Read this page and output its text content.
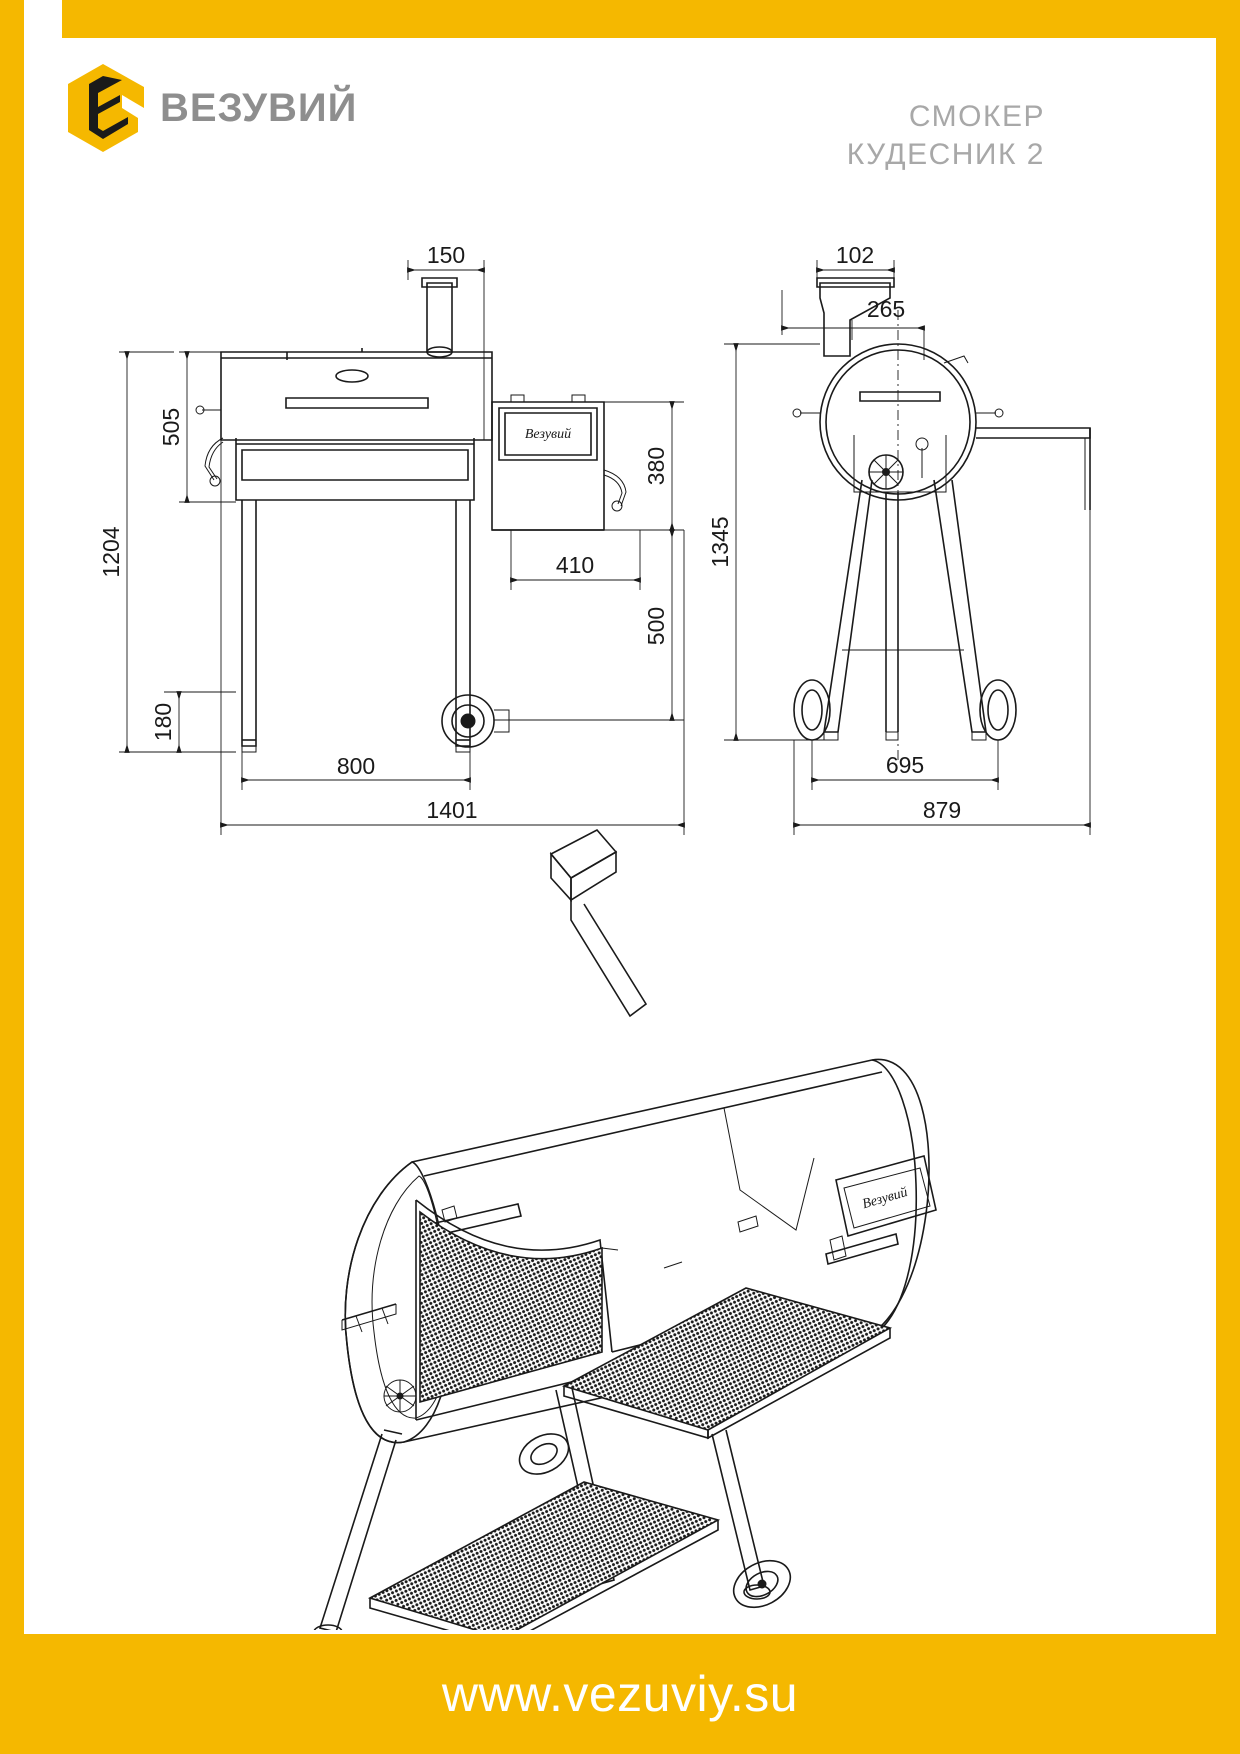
ВЕЗУВИЙ	СМОКЕР
КУДЕСНИК 2
Везувий
150
505
1204
180
800
1401
410
380
500
102
265
1345
695
879
Везувий
www.vezuviy.su
